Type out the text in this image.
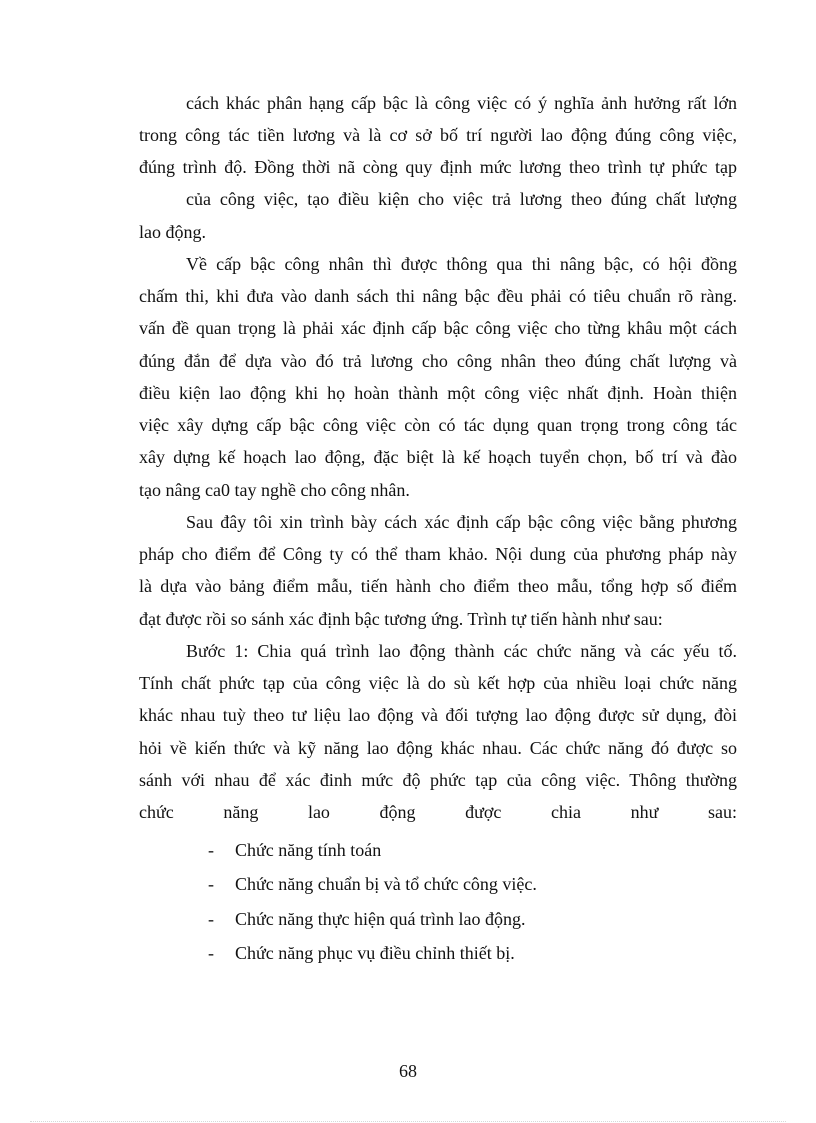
cách khác phân hạng cấp bậc là công việc có ý nghĩa ảnh hưởng rất lớn
trong công tác tiền lương và là cơ sở bố trí người lao động đúng công việc,
đúng trình độ. Đồng thời nã còng quy định mức lương theo trình tự phức tạp
của công việc, tạo điều kiện cho việc trả lương theo đúng chất lượng
lao động.
Về cấp bậc công nhân thì được thông qua thi nâng bậc, có hội đồng
chấm thi, khi đưa vào danh sách thi nâng bậc đều phải có tiêu chuẩn rõ ràng.
vấn đề quan trọng là phải xác định cấp bậc công việc cho từng khâu một cách
đúng đắn để dựa vào đó trả lương cho công nhân theo đúng chất lượng và
điều kiện lao động khi họ hoàn thành một công việc nhất định. Hoàn thiện
việc xây dựng cấp bậc công việc còn có tác dụng quan trọng trong công tác
xây dựng kế hoạch lao động, đặc biệt là kế hoạch tuyển chọn, bố trí và đào
tạo nâng ca0 tay nghề cho công nhân.
Sau đây tôi xin trình bày cách xác định cấp bậc công việc bằng phương
pháp cho điểm để Công ty có thể tham khảo. Nội dung của phương pháp này
là dựa vào bảng điểm mẫu, tiến hành cho điểm theo mẫu, tổng hợp số điểm
đạt được rồi so sánh xác định bậc tương ứng. Trình tự tiến hành như sau:
Bước 1: Chia quá trình lao động thành các chức năng và các yếu tố.
Tính chất phức tạp của công việc là do sù kết hợp của nhiều loại chức năng
khác nhau tuỳ theo tư liệu lao động và đối tượng lao động được sử dụng, đòi
hỏi về kiến thức và kỹ năng lao động khác nhau. Các chức năng đó được so
sánh với nhau để xác đinh mức độ phức tạp của công việc. Thông thường
chức năng lao động được chia như sau:
- Chức năng tính toán
- Chức năng chuẩn bị và tổ chức công việc.
- Chức năng thực hiện quá trình lao động.
- Chức năng phục vụ điều chỉnh thiết bị.
68
